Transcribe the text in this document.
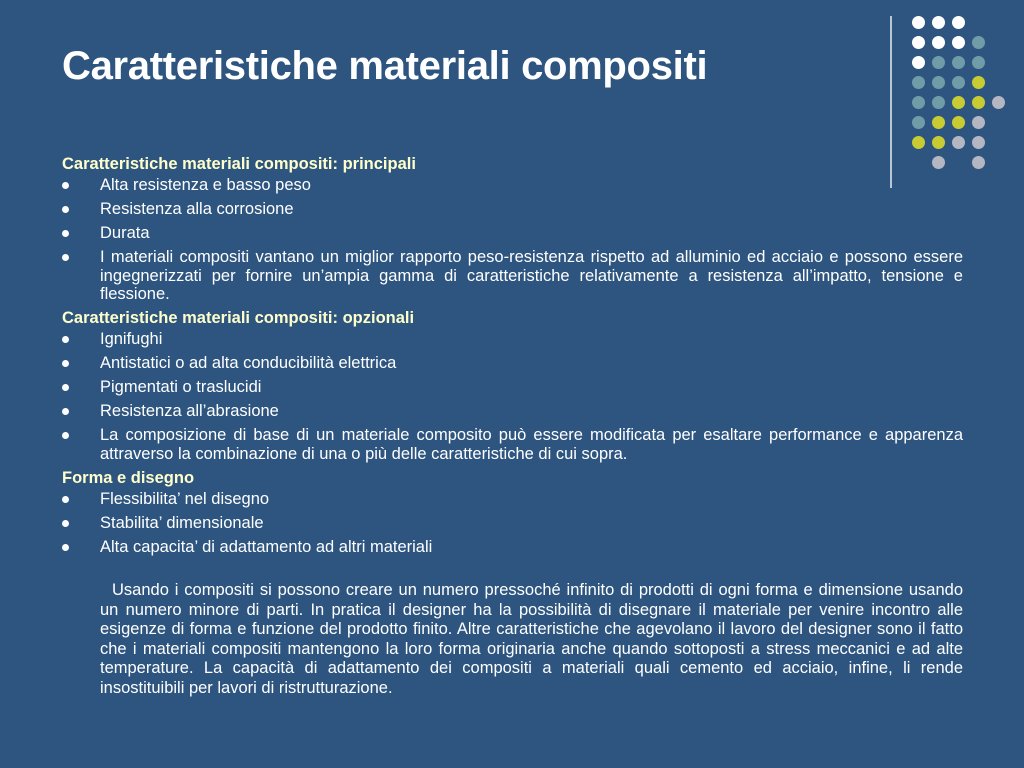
Caratteristiche materiali compositi
Caratteristiche materiali compositi: principali
Alta resistenza e basso peso
Resistenza alla corrosione
Durata
I materiali compositi vantano un miglior rapporto peso-resistenza rispetto ad alluminio ed acciaio e possono essere ingegnerizzati per fornire un’ampia gamma di caratteristiche relativamente a resistenza all’impatto, tensione e flessione.
Caratteristiche materiali compositi: opzionali
Ignifughi
Antistatici o ad alta conducibilità elettrica
Pigmentati o traslucidi
Resistenza all’abrasione
La composizione di base di un materiale composito può essere modificata per esaltare performance e apparenza attraverso la combinazione di una o più delle caratteristiche di cui sopra.
Forma e disegno
Flessibilita’ nel disegno
Stabilita’ dimensionale
Alta capacita’ di adattamento ad altri materiali

Usando i compositi si possono creare un numero pressoché infinito di prodotti di ogni forma e dimensione usando un numero minore di parti. In pratica il designer ha la possibilità di disegnare il materiale per venire incontro alle esigenze di forma e funzione del prodotto finito. Altre caratteristiche che agevolano il lavoro del designer sono il fatto che i materiali compositi mantengono la loro forma originaria anche quando sottoposti a stress meccanici e ad alte temperature. La capacità di adattamento dei compositi a materiali quali cemento ed acciaio, infine, li rende insostituibili per lavori di ristrutturazione.
